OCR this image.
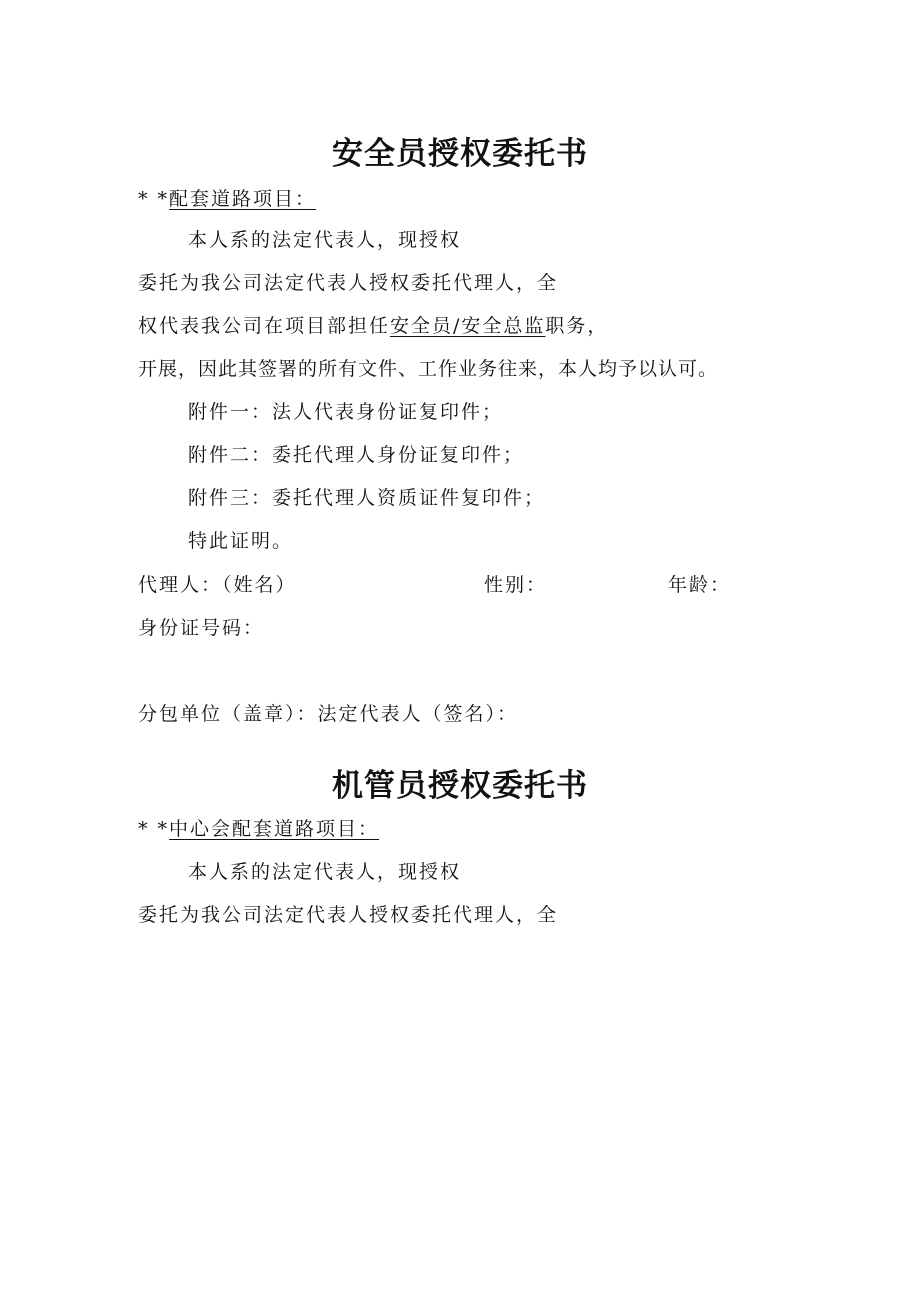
安全员授权委托书
* *配套道路项目：
本人系的法定代表人，现授权
委托为我公司法定代表人授权委托代理人，全
权代表我公司在项目部担任安全员/安全总监职务，
开展，因此其签署的所有文件、工作业务往来，本人均予以认可。
附件一：法人代表身份证复印件；
附件二：委托代理人身份证复印件；
附件三：委托代理人资质证件复印件；
特此证明。
代理人：（姓名）	性别：	年龄：
身份证号码：
分包单位（盖章）：法定代表人（签名）：
机管员授权委托书
* *中心会配套道路项目：
本人系的法定代表人，现授权
委托为我公司法定代表人授权委托代理人，全
